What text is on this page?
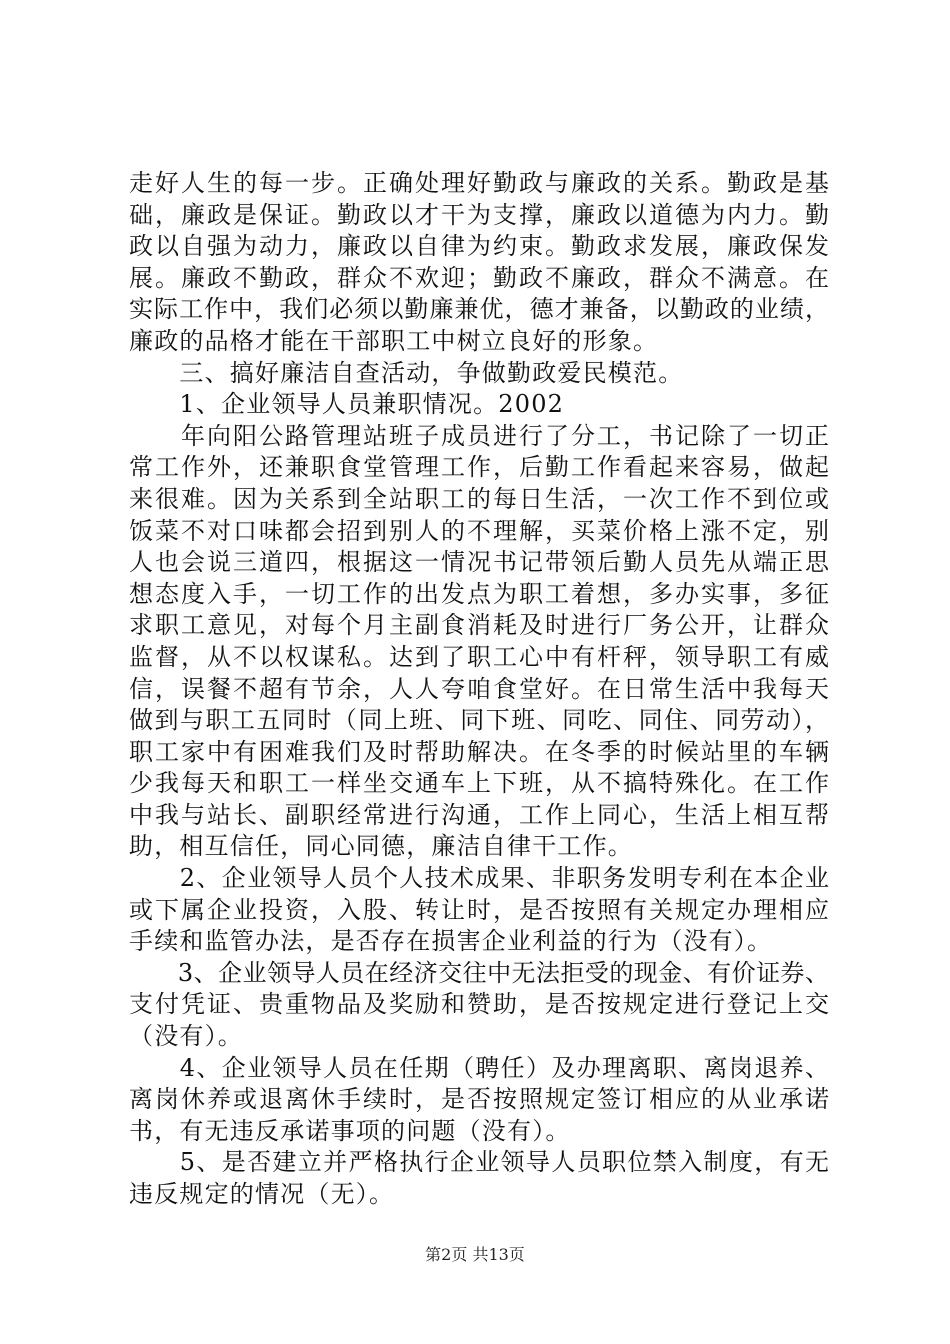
走好人生的每一步。正确处理好勤政与廉政的关系。勤政是基
础，廉政是保证。勤政以才干为支撑，廉政以道德为内力。勤
政以自强为动力，廉政以自律为约束。勤政求发展，廉政保发
展。廉政不勤政，群众不欢迎；勤政不廉政，群众不满意。在
实际工作中，我们必须以勤廉兼优，德才兼备，以勤政的业绩，
廉政的品格才能在干部职工中树立良好的形象。
　　三、搞好廉洁自查活动，争做勤政爱民模范。
　　1、企业领导人员兼职情况。2002
　　年向阳公路管理站班子成员进行了分工，书记除了一切正
常工作外，还兼职食堂管理工作，后勤工作看起来容易，做起
来很难。因为关系到全站职工的每日生活，一次工作不到位或
饭菜不对口味都会招到别人的不理解，买菜价格上涨不定，别
人也会说三道四，根据这一情况书记带领后勤人员先从端正思
想态度入手，一切工作的出发点为职工着想，多办实事，多征
求职工意见，对每个月主副食消耗及时进行厂务公开，让群众
监督，从不以权谋私。达到了职工心中有杆秤，领导职工有威
信，误餐不超有节余，人人夸咱食堂好。在日常生活中我每天
做到与职工五同时（同上班、同下班、同吃、同住、同劳动），
职工家中有困难我们及时帮助解决。在冬季的时候站里的车辆
少我每天和职工一样坐交通车上下班，从不搞特殊化。在工作
中我与站长、副职经常进行沟通，工作上同心，生活上相互帮
助，相互信任，同心同德，廉洁自律干工作。
　　2、企业领导人员个人技术成果、非职务发明专利在本企业
或下属企业投资，入股、转让时，是否按照有关规定办理相应
手续和监管办法，是否存在损害企业利益的行为（没有）。
　　3、企业领导人员在经济交往中无法拒受的现金、有价证券、
支付凭证、贵重物品及奖励和赞助，是否按规定进行登记上交
（没有）。
　　4、企业领导人员在任期（聘任）及办理离职、离岗退养、
离岗休养或退离休手续时，是否按照规定签订相应的从业承诺
书，有无违反承诺事项的问题（没有）。
　　5、是否建立并严格执行企业领导人员职位禁入制度，有无
违反规定的情况（无）。
第2页 共13页
